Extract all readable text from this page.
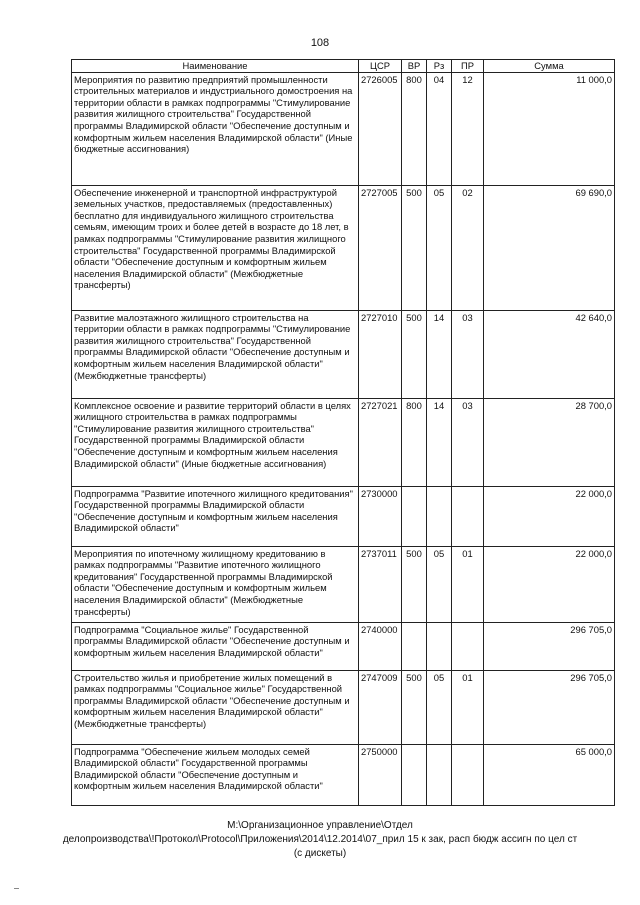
108
Наименование	ЦСР	ВР	Рз	ПР	Сумма
Мероприятия по развитию предприятий промышленности строительных материалов и индустриального домостроения на территории области в рамках подпрограммы "Стимулирование развития жилищного строительства" Государственной программы Владимирской области "Обеспечение доступным и комфортным жильем населения Владимирской области" (Иные бюджетные ассигнования)	2726005	800	04	12	11 000,0
Обеспечение инженерной и транспортной инфраструктурой земельных участков, предоставляемых (предоставленных) бесплатно для индивидуального жилищного строительства семьям, имеющим троих и более детей в возрасте до 18 лет, в рамках подпрограммы "Стимулирование развития жилищного строительства" Государственной программы Владимирской области "Обеспечение доступным и комфортным жильем населения Владимирской области" (Межбюджетные трансферты)	2727005	500	05	02	69 690,0
Развитие малоэтажного жилищного строительства на территории области в рамках подпрограммы "Стимулирование развития жилищного строительства" Государственной программы Владимирской области "Обеспечение доступным и комфортным жильем населения Владимирской области" (Межбюджетные трансферты)	2727010	500	14	03	42 640,0
Комплексное освоение и развитие территорий области в целях жилищного строительства в рамках подпрограммы "Стимулирование развития жилищного строительства" Государственной программы Владимирской области "Обеспечение доступным и комфортным жильем населения Владимирской области" (Иные бюджетные ассигнования)	2727021	800	14	03	28 700,0
Подпрограмма "Развитие ипотечного жилищного кредитования" Государственной программы Владимирской области "Обеспечение доступным и комфортным жильем населения Владимирской области"	2730000				22 000,0
Мероприятия по ипотечному жилищному кредитованию в рамках подпрограммы "Развитие ипотечного жилищного кредитования" Государственной программы Владимирской области "Обеспечение доступным и комфортным жильем населения Владимирской области" (Межбюджетные трансферты)	2737011	500	05	01	22 000,0
Подпрограмма "Социальное жилье" Государственной программы Владимирской области "Обеспечение доступным и комфортным жильем населения Владимирской области"	2740000				296 705,0
Строительство жилья и приобретение жилых помещений в рамках подпрограммы "Социальное жилье" Государственной программы Владимирской области "Обеспечение доступным и комфортным жильем населения Владимирской области" (Межбюджетные трансферты)	2747009	500	05	01	296 705,0
Подпрограмма "Обеспечение жильем молодых семей Владимирской области" Государственной программы Владимирской области "Обеспечение доступным и комфортным жильем населения Владимирской области"	2750000				65 000,0
М:\Организационное управление\Отдел
делопроизводства\!Протокол\Protocol\Приложения\2014\12.2014\07_прил 15 к зак, расп бюдж ассигн по цел ст
(с дискеты)
